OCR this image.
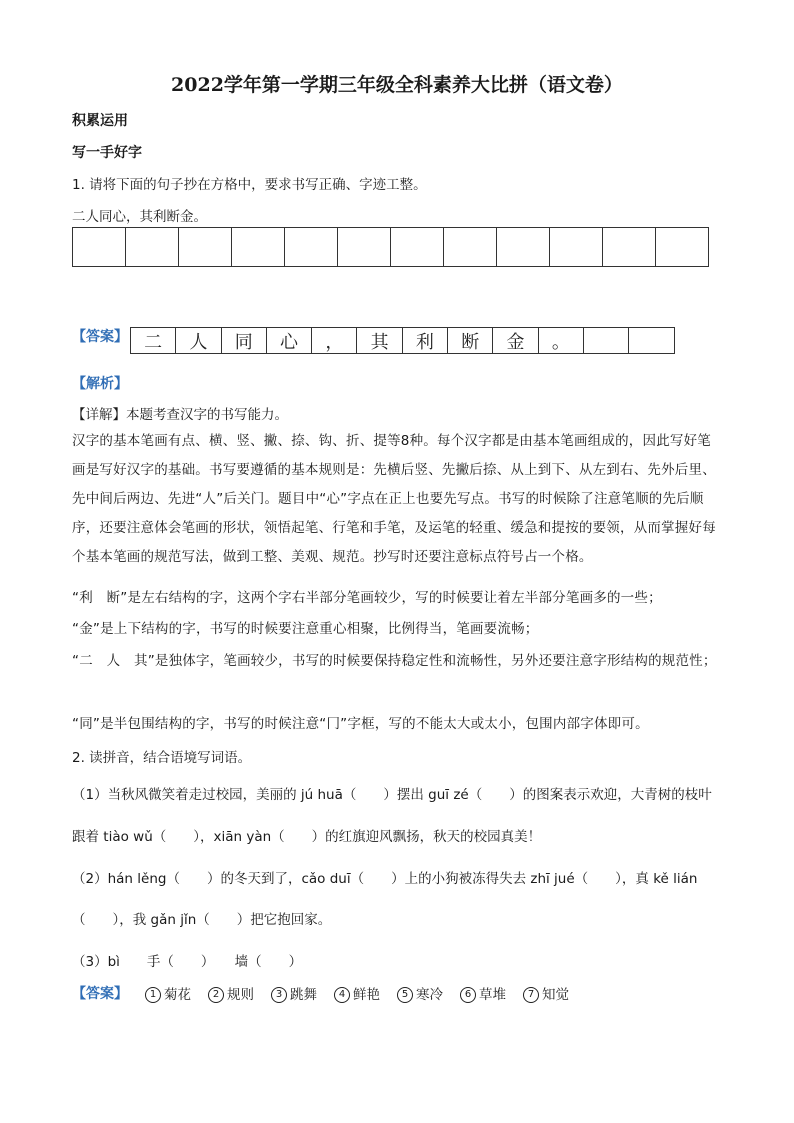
2022学年第一学期三年级全科素养大比拼（语文卷）
积累运用
写一手好字
1. 请将下面的句子抄在方格中，要求书写正确、字迹工整。
二人同心，其利断金。
【答案】 二	人	同	心	，	其	利	断	金	。
【解析】
【详解】本题考查汉字的书写能力。
汉字的基本笔画有点、横、竖、撇、捺、钩、折、提等8种。每个汉字都是由基本笔画组成的，因此写好笔画是写好汉字的基础。书写要遵循的基本规则是：先横后竖、先撇后捺、从上到下、从左到右、先外后里、先中间后两边、先进“人”后关门。题目中“心”字点在正上也要先写点。书写的时候除了注意笔顺的先后顺序，还要注意体会笔画的形状，领悟起笔、行笔和手笔，及运笔的轻重、缓急和提按的要领，从而掌握好每个基本笔画的规范写法，做到工整、美观、规范。抄写时还要注意标点符号占一个格。
“利　断”是左右结构的字，这两个字右半部分笔画较少，写的时候要让着左半部分笔画多的一些；
“金”是上下结构的字，书写的时候要注意重心相聚，比例得当，笔画要流畅；
“二　人　其”是独体字，笔画较少，书写的时候要保持稳定性和流畅性，另外还要注意字形结构的规范性；
“同”是半包围结构的字，书写的时候注意“冂”字框，写的不能太大或太小，包围内部字体即可。
2. 读拼音，结合语境写词语。
（1）当秋风微笑着走过校园，美丽的 jú huā（　　）摆出 guī zé（　　）的图案表示欢迎，大青树的枝叶
跟着 tiào wǔ（　　），xiān yàn（　　）的红旗迎风飘扬，秋天的校园真美！
（2）hán lěng（　　）的冬天到了，cǎo duī（　　）上的小狗被冻得失去 zhī jué（　　），真 kě lián
（　　），我 gǎn jǐn（　　）把它抱回家。
（3）bì　　手（　　）　　墙（　　）
【答案】	1 菊花	2 规则	3 跳舞	4 鲜艳	5 寒冷	6 草堆	7 知觉
